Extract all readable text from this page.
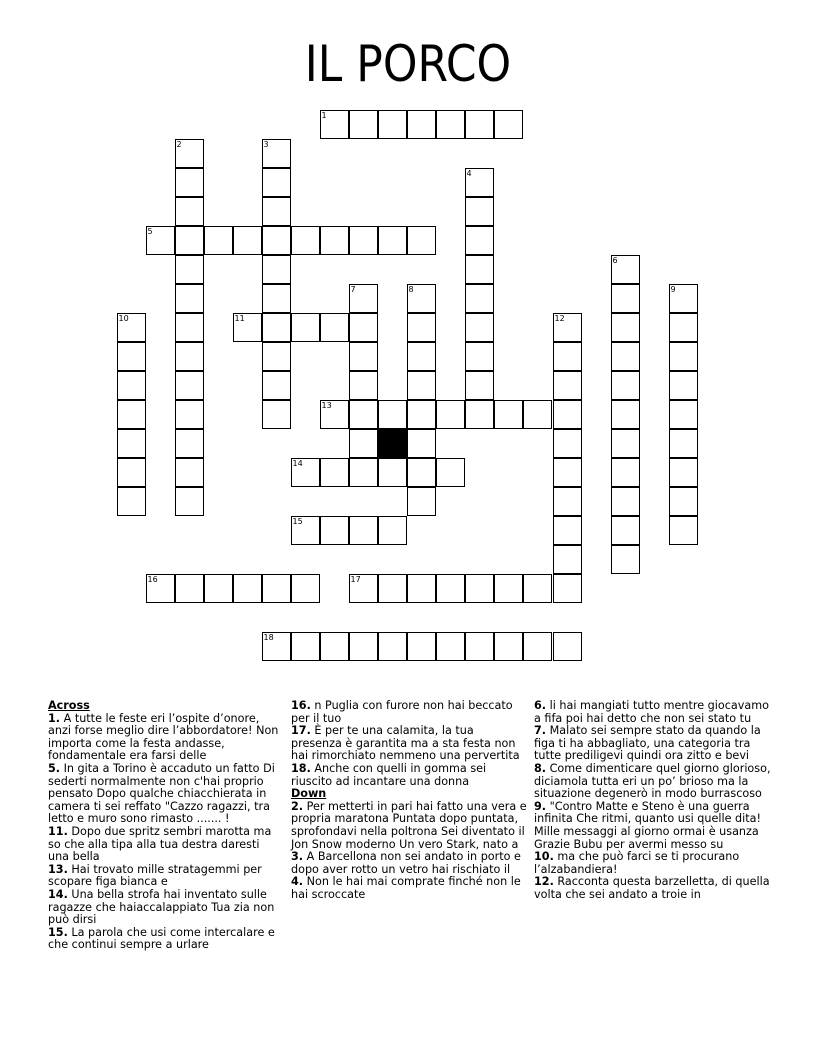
IL PORCO
1
2	3
4
5
6
7	8	9
10	11	12
13
14
15
16	17
18

Across

1. A tutte le feste eri l’ospite d’onore, anzi forse meglio dire l’abbordatore! Non importa come la festa andasse, fondamentale era farsi delle

5. In gita a Torino è accaduto un fatto Di sederti normalmente non c'hai proprio pensato Dopo qualche chiacchierata in camera ti sei reffato "Cazzo ragazzi, tra letto e muro sono rimasto ....... !

11. Dopo due spritz sembri marotta ma so che alla tipa alla tua destra daresti una bella

13. Hai trovato mille stratagemmi per scopare figa bianca e

14. Una bella strofa hai inventato sulle ragazze che haiaccalappiato Tua zia non può dirsi

15. La parola che usi come intercalare e che continui sempre a urlare

16. n Puglia con furore non hai beccato per il tuo

17. È per te una calamita, la tua presenza è garantita ma a sta festa non hai rimorchiato nemmeno una pervertita

18. Anche con quelli in gomma sei riuscito ad incantare una donna

Down

2. Per metterti in pari hai fatto una vera e propria maratona Puntata dopo puntata, sprofondavi nella poltrona Sei diventato il Jon Snow moderno Un vero Stark, nato a

3. A Barcellona non sei andato in porto e dopo aver rotto un vetro hai rischiato il

4. Non le hai mai comprate finché non le hai scroccate

6. li hai mangiati tutto mentre giocavamo a fifa poi hai detto che non sei stato tu

7. Malato sei sempre stato da quando la figa ti ha abbagliato, una categoria tra tutte prediligevi quindi ora zitto e bevi

8. Come dimenticare quel giorno glorioso, diciamola tutta eri un po’ brioso ma la situazione degenerò in modo burrascoso

9. "Contro Matte e Steno è una guerra infinita Che ritmi, quanto usi quelle dita! Mille messaggi al giorno ormai è usanza Grazie Bubu per avermi messo su

10. ma che può farci se ti procurano l’alzabandiera!

12. Racconta questa barzelletta, di quella volta che sei andato a troie in
